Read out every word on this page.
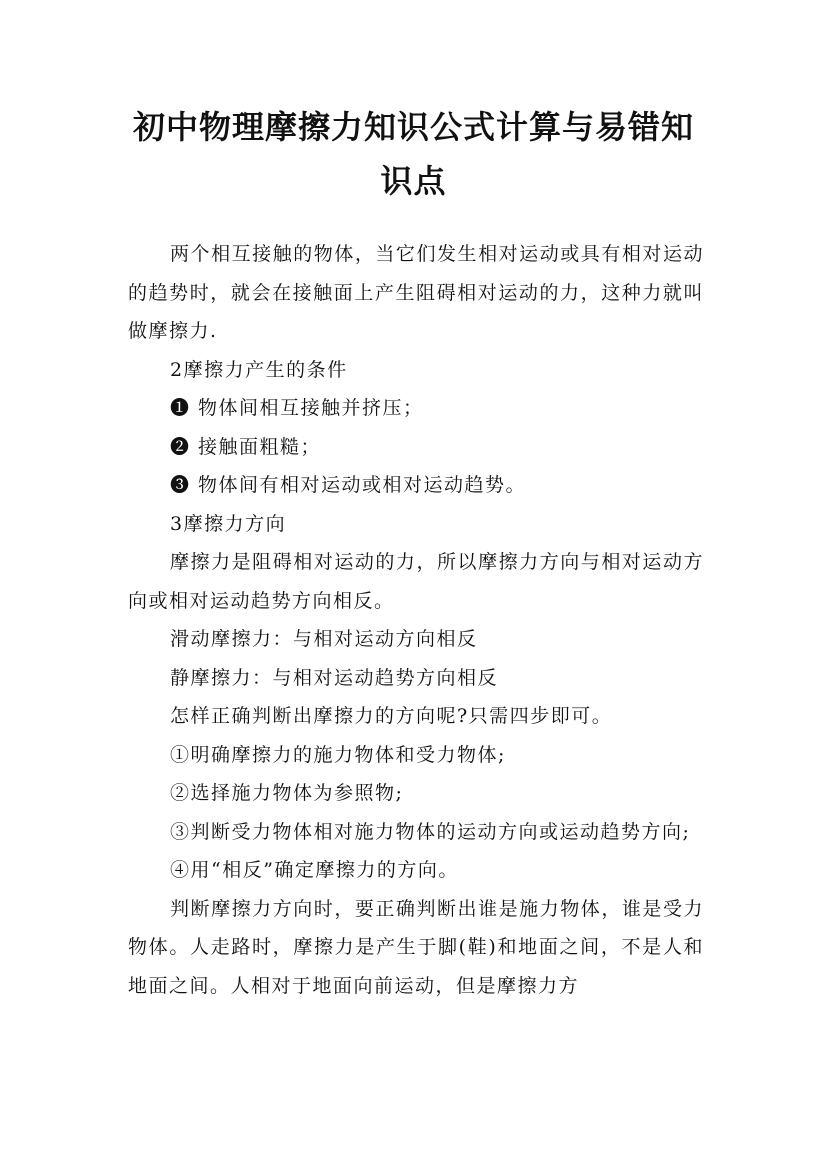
初中物理摩擦力知识公式计算与易错知识点

两个相互接触的物体，当它们发生相对运动或具有相对运动的趋势时，就会在接触面上产生阻碍相对运动的力，这种力就叫做摩擦力.

2摩擦力产生的条件

❶ 物体间相互接触并挤压；

❷ 接触面粗糙；

❸ 物体间有相对运动或相对运动趋势。

3摩擦力方向

摩擦力是阻碍相对运动的力，所以摩擦力方向与相对运动方向或相对运动趋势方向相反。

滑动摩擦力：与相对运动方向相反

静摩擦力：与相对运动趋势方向相反

怎样正确判断出摩擦力的方向呢?只需四步即可。

①明确摩擦力的施力物体和受力物体;

②选择施力物体为参照物;

③判断受力物体相对施力物体的运动方向或运动趋势方向;

④用“相反”确定摩擦力的方向。

判断摩擦力方向时，要正确判断出谁是施力物体，谁是受力物体。人走路时，摩擦力是产生于脚(鞋)和地面之间，不是人和地面之间。人相对于地面向前运动，但是摩擦力方
